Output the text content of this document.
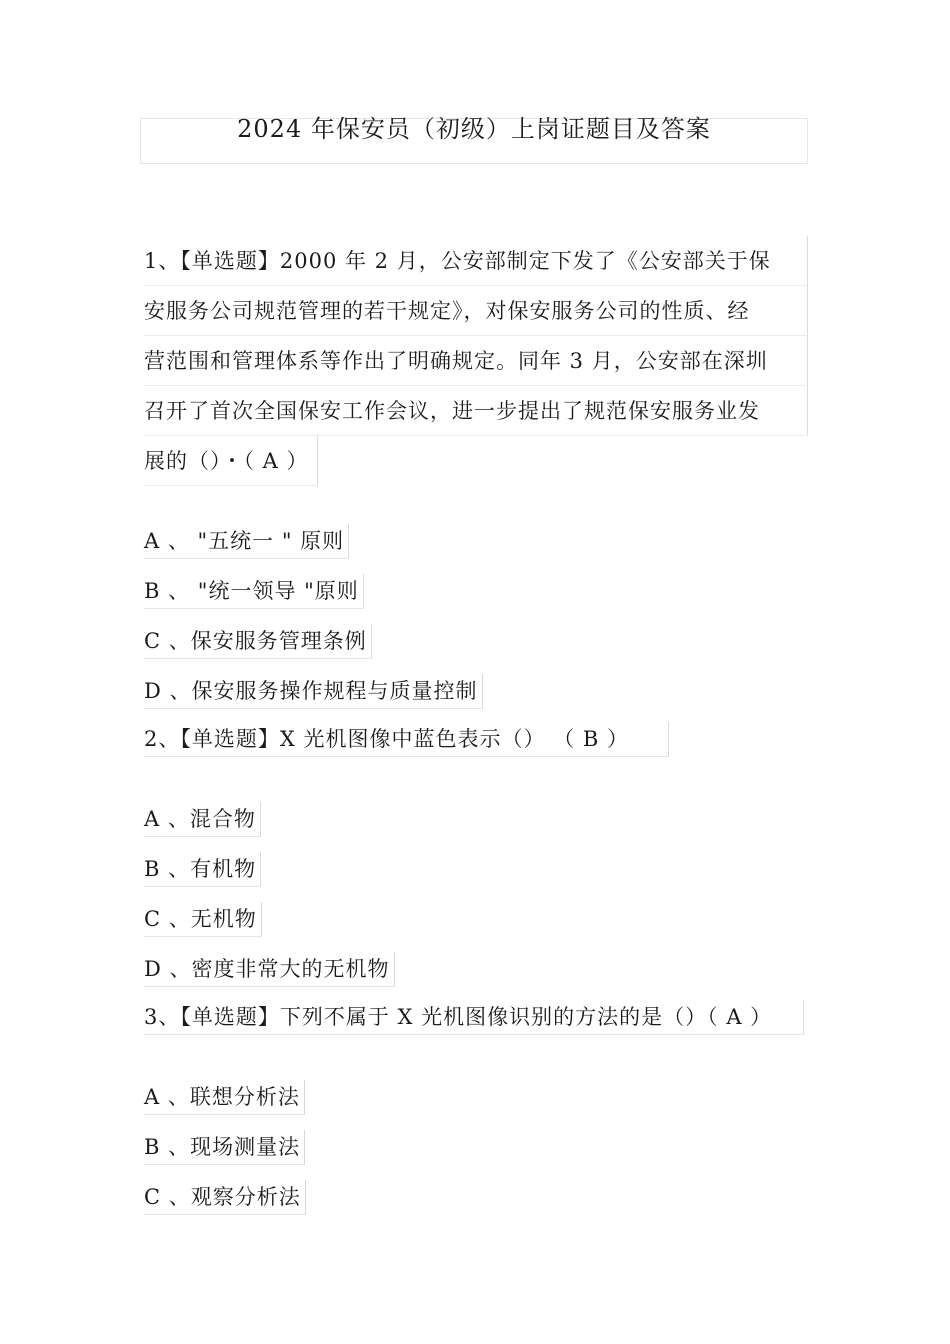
2024 年保安员（初级）上岗证题目及答案
1、【单选题】2000 年 2 月，公安部制定下发了《公安部关于保
安服务公司规范管理的若干规定》，对保安服务公司的性质、经
营范围和管理体系等作出了明确规定。同年 3 月，公安部在深圳
召开了首次全国保安工作会议，进一步提出了规范保安服务业发
展的（）・（ A ）
A 、 "五统一 " 原则
B 、 "统一领导 "原则
C 、保安服务管理条例
D 、保安服务操作规程与质量控制
2、【单选题】X 光机图像中蓝色表示（） （ B ）
A 、混合物
B 、有机物
C 、无机物
D 、密度非常大的无机物
3、【单选题】下列不属于 X 光机图像识别的方法的是（）（ A ）
A 、联想分析法
B 、现场测量法
C 、观察分析法
